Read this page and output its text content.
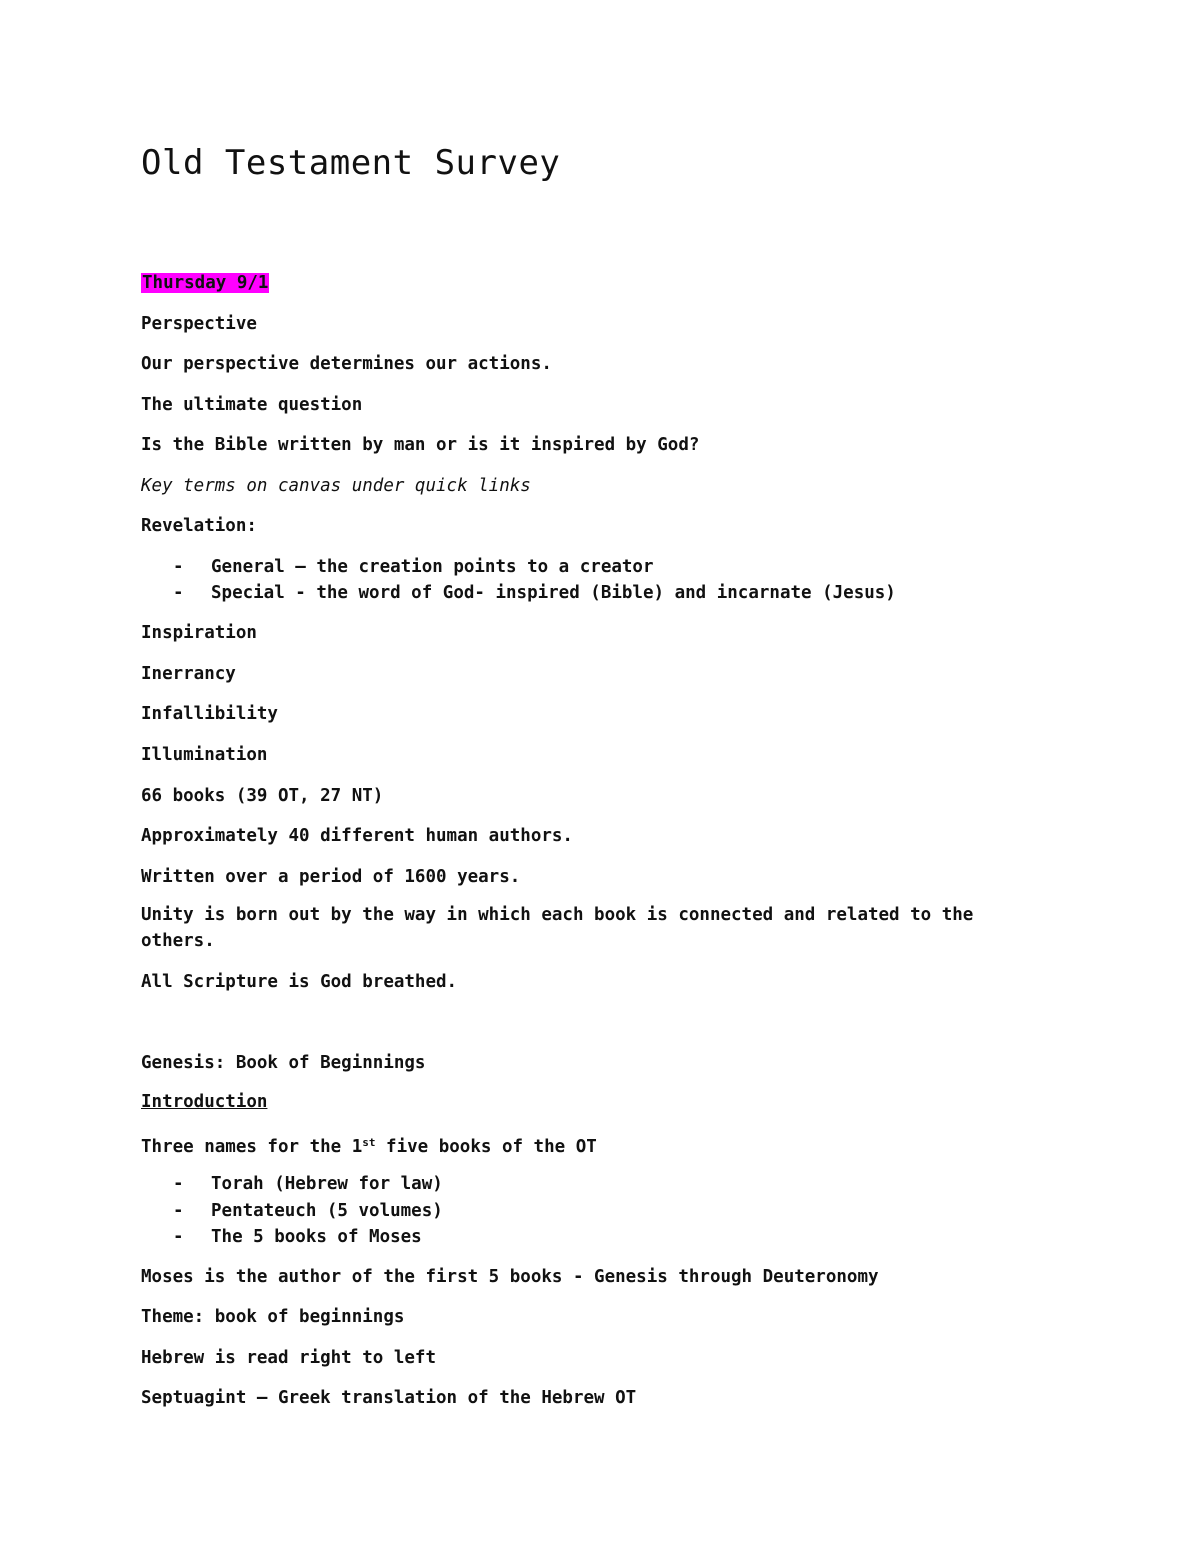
Old Testament Survey
Thursday 9/1
Perspective
Our perspective determines our actions.
The ultimate question
Is the Bible written by man or is it inspired by God?
Key terms on canvas under quick links
Revelation:
- General – the creation points to a creator
- Special - the word of God- inspired (Bible) and incarnate (Jesus)
Inspiration
Inerrancy
Infallibility
Illumination
66 books (39 OT, 27 NT)
Approximately 40 different human authors.
Written over a period of 1600 years.
Unity is born out by the way in which each book is connected and related to the others.
All Scripture is God breathed.
Genesis: Book of Beginnings
Introduction
Three names for the 1st five books of the OT
- Torah (Hebrew for law)
- Pentateuch (5 volumes)
- The 5 books of Moses
Moses is the author of the first 5 books - Genesis through Deuteronomy
Theme: book of beginnings
Hebrew is read right to left
Septuagint – Greek translation of the Hebrew OT
